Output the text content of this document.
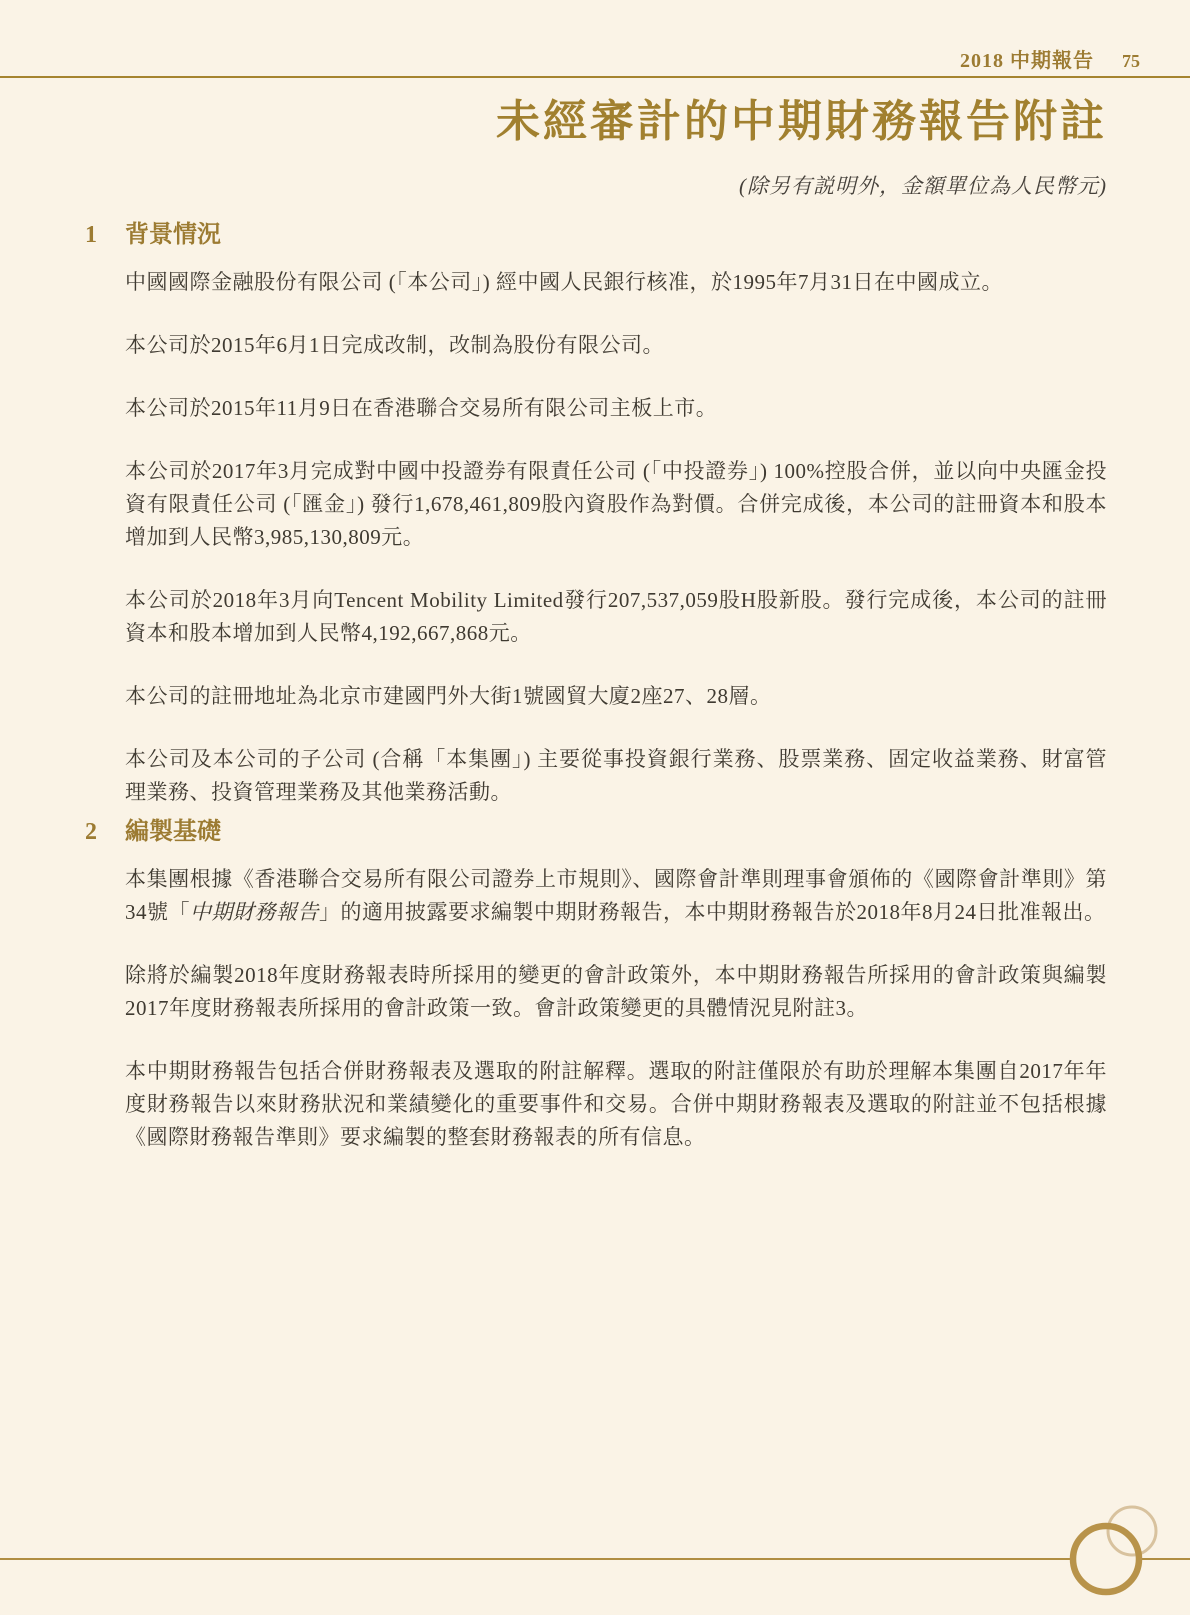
2018 中期報告 75
未經審計的中期財務報告附註
(除另有説明外，金額單位為人民幣元)
1	背景情況

中國國際金融股份有限公司 (「本公司」) 經中國人民銀行核准，於1995年7月31日在中國成立。

本公司於2015年6月1日完成改制，改制為股份有限公司。

本公司於2015年11月9日在香港聯合交易所有限公司主板上市。

本公司於2017年3月完成對中國中投證券有限責任公司 (「中投證券」) 100%控股合併，並以向中央匯金投資有限責任公司 (「匯金」) 發行1,678,461,809股內資股作為對價。合併完成後，本公司的註冊資本和股本增加到人民幣3,985,130,809元。

本公司於2018年3月向Tencent Mobility Limited發行207,537,059股H股新股。發行完成後，本公司的註冊資本和股本增加到人民幣4,192,667,868元。

本公司的註冊地址為北京市建國門外大街1號國貿大廈2座27、28層。

本公司及本公司的子公司 (合稱「本集團」) 主要從事投資銀行業務、股票業務、固定收益業務、財富管理業務、投資管理業務及其他業務活動。

2	編製基礎

本集團根據《香港聯合交易所有限公司證券上市規則》、國際會計準則理事會頒佈的《國際會計準則》第34號「中期財務報告」的適用披露要求編製中期財務報告，本中期財務報告於2018年8月24日批准報出。

除將於編製2018年度財務報表時所採用的變更的會計政策外，本中期財務報告所採用的會計政策與編製2017年度財務報表所採用的會計政策一致。會計政策變更的具體情況見附註3。

本中期財務報告包括合併財務報表及選取的附註解釋。選取的附註僅限於有助於理解本集團自2017年年度財務報告以來財務狀況和業績變化的重要事件和交易。合併中期財務報表及選取的附註並不包括根據《國際財務報告準則》要求編製的整套財務報表的所有信息。
